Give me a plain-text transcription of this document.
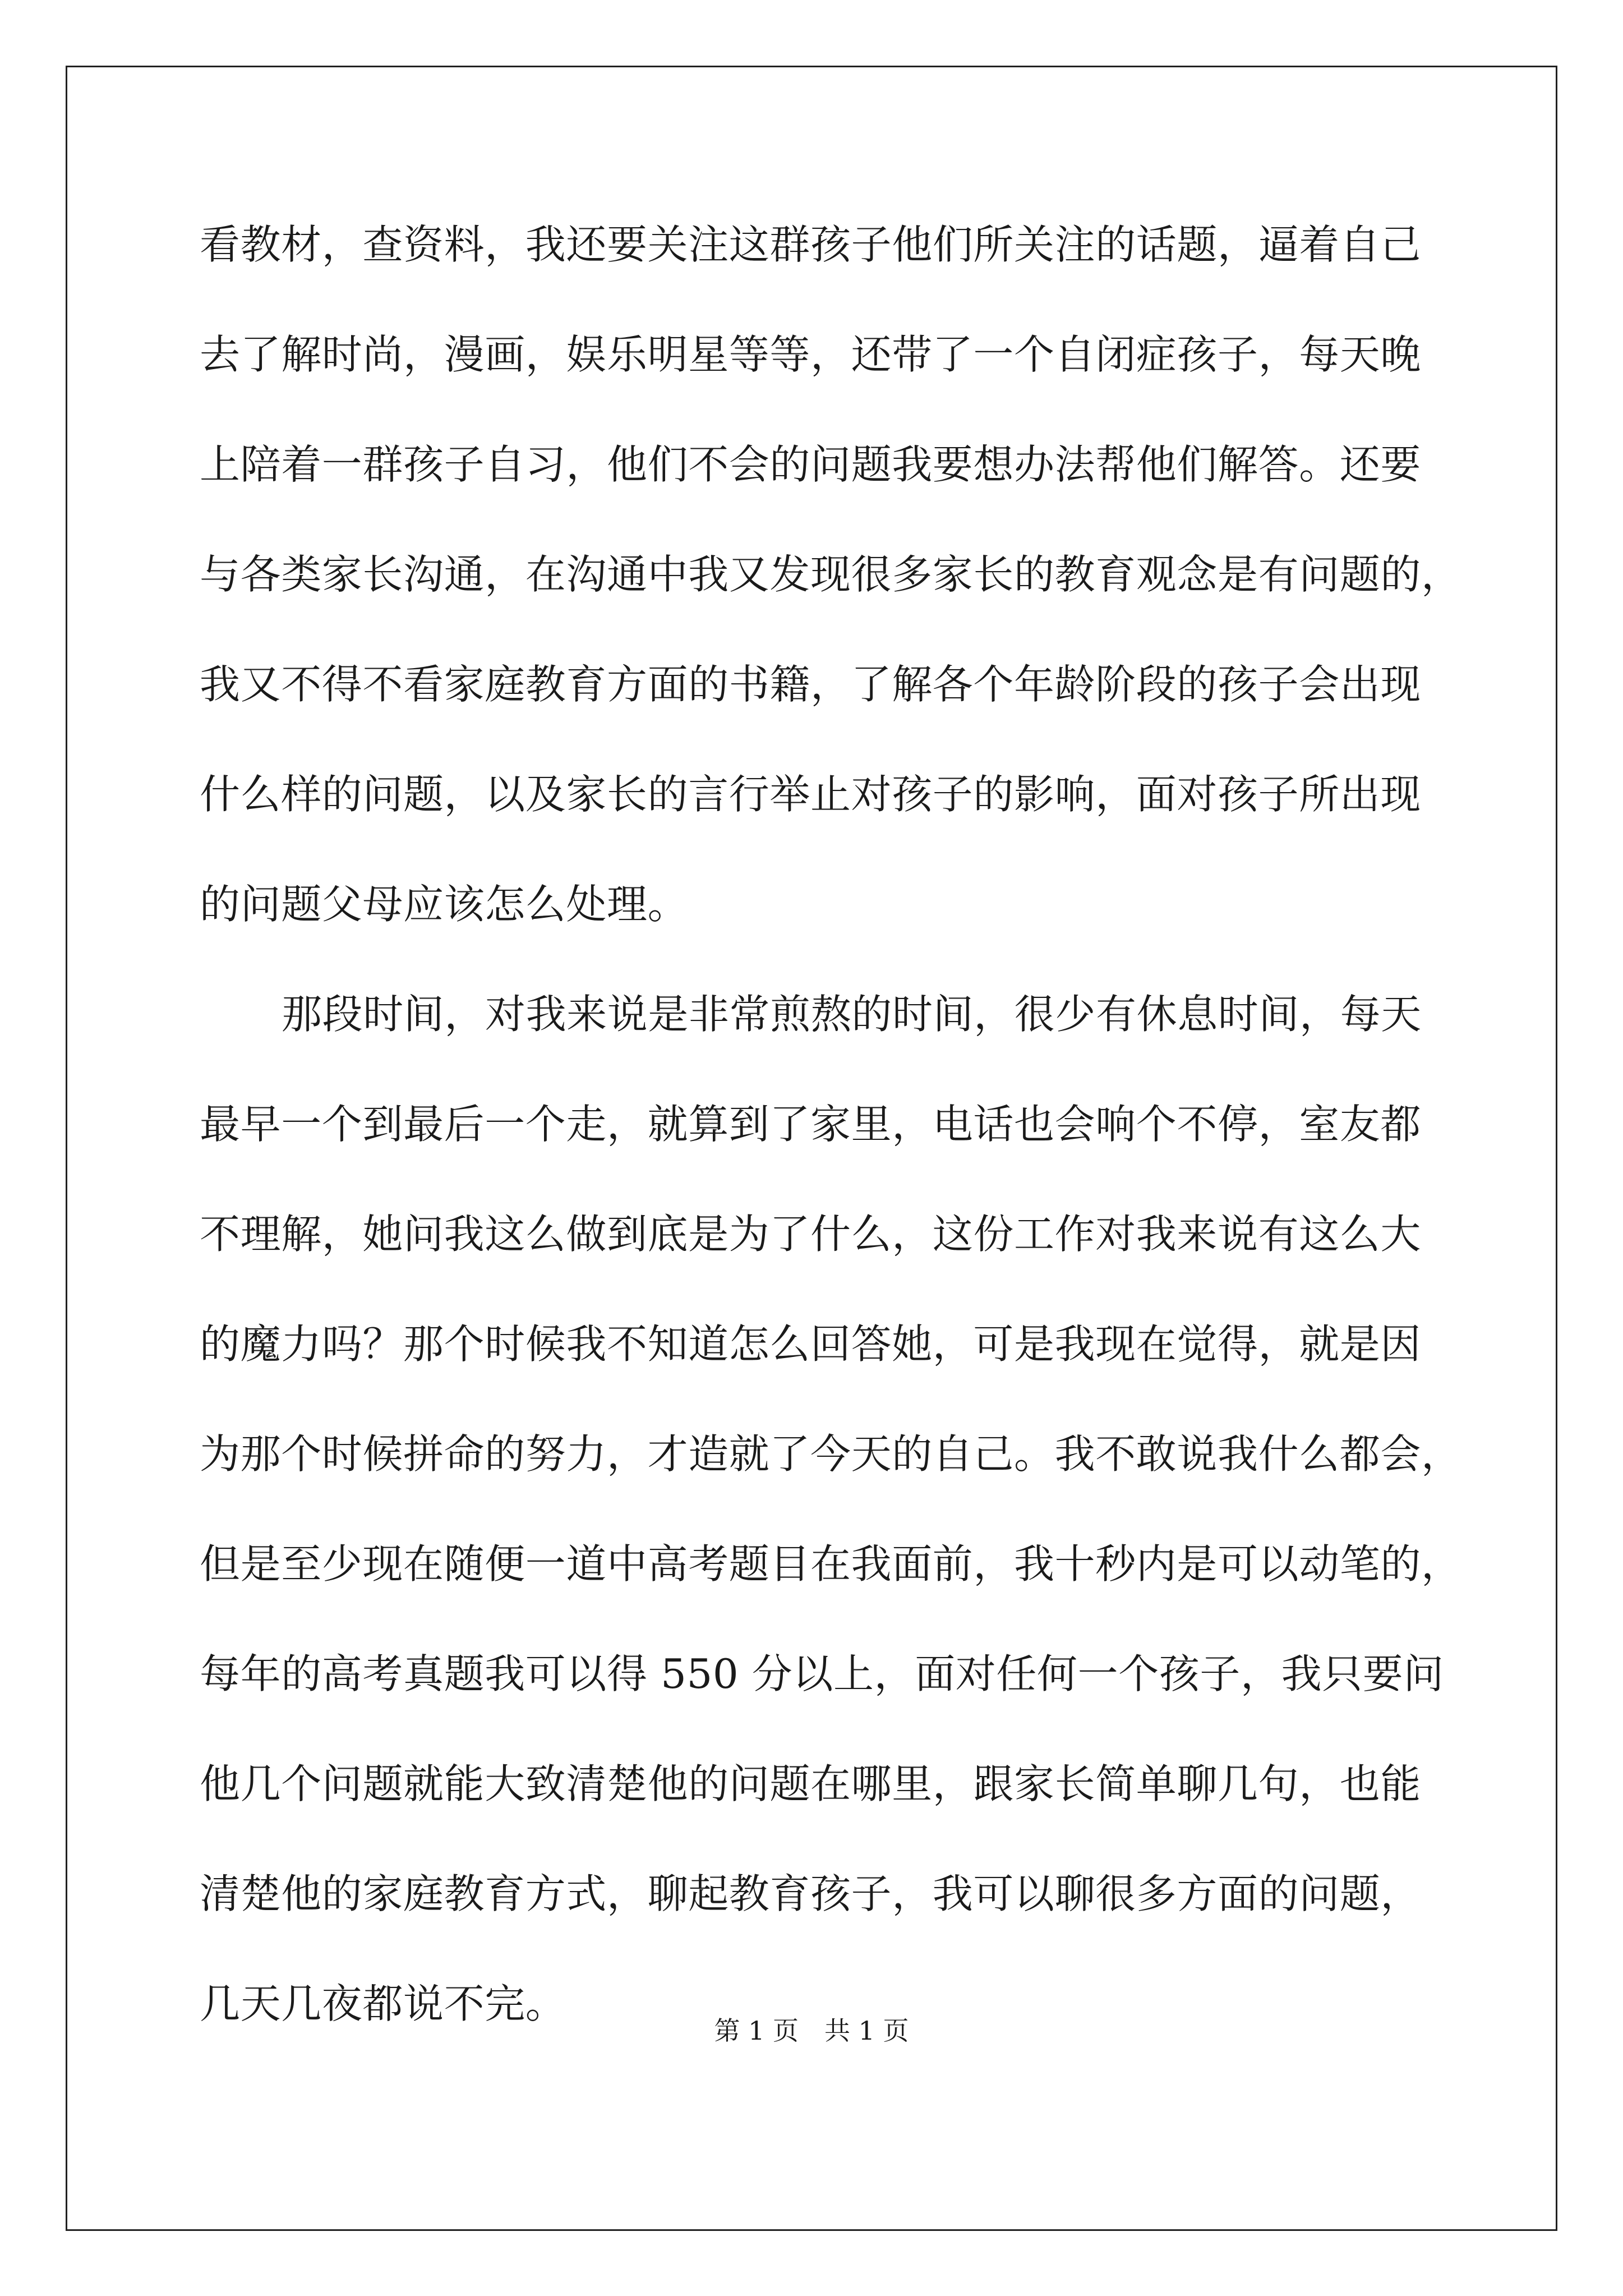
看教材，查资料，我还要关注这群孩子他们所关注的话题，逼着自己
去了解时尚，漫画，娱乐明星等等，还带了一个自闭症孩子，每天晚
上陪着一群孩子自习，他们不会的问题我要想办法帮他们解答。还要
与各类家长沟通，在沟通中我又发现很多家长的教育观念是有问题的，
我又不得不看家庭教育方面的书籍，了解各个年龄阶段的孩子会出现
什么样的问题，以及家长的言行举止对孩子的影响，面对孩子所出现
的问题父母应该怎么处理。
那段时间，对我来说是非常煎熬的时间，很少有休息时间，每天
最早一个到最后一个走，就算到了家里，电话也会响个不停，室友都
不理解，她问我这么做到底是为了什么，这份工作对我来说有这么大
的魔力吗？那个时候我不知道怎么回答她，可是我现在觉得，就是因
为那个时候拼命的努力，才造就了今天的自己。我不敢说我什么都会，
但是至少现在随便一道中高考题目在我面前，我十秒内是可以动笔的，
每年的高考真题我可以得 550 分以上，面对任何一个孩子，我只要问
他几个问题就能大致清楚他的问题在哪里，跟家长简单聊几句，也能
清楚他的家庭教育方式，聊起教育孩子，我可以聊很多方面的问题，
几天几夜都说不完。
第 1 页 共 1 页
